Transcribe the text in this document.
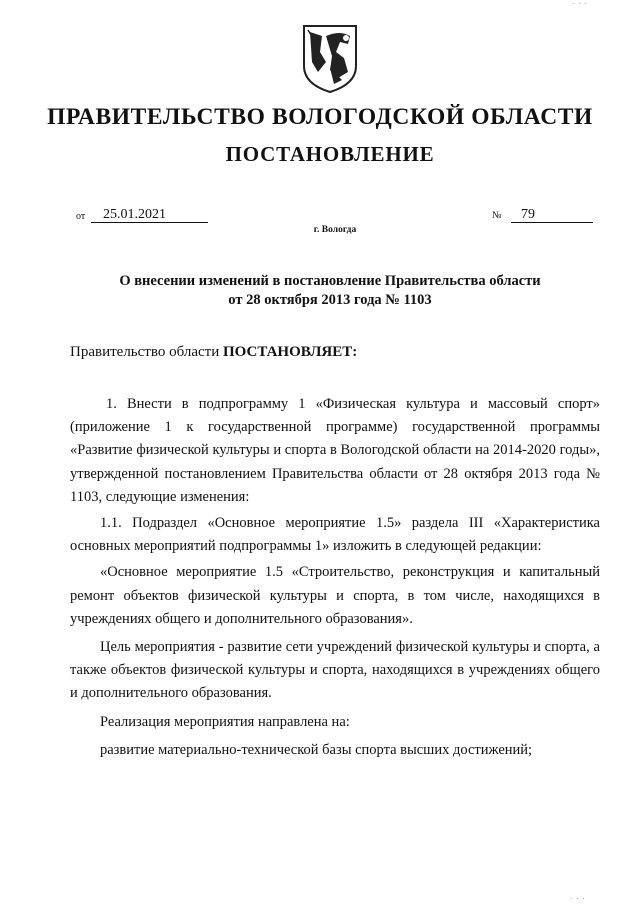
· · ·
ПРАВИТЕЛЬСТВО ВОЛОГОДСКОЙ ОБЛАСТИ
ПОСТАНОВЛЕНИЕ
от	25.01.2021	№	79
г. Вологда
О внесении изменений в постановление Правительства области
от 28 октября 2013 года № 1103
Правительство области ПОСТАНОВЛЯЕТ:

1. Внести в подпрограмму 1 «Физическая культура и массовый спорт» (приложение 1 к государственной программе) государственной программы «Развитие физической культуры и спорта в Вологодской области на 2014-2020 годы», утвержденной постановлением Правительства области от 28 октября 2013 года № 1103, следующие изменения:

1.1. Подраздел «Основное мероприятие 1.5» раздела III «Характеристика основных мероприятий подпрограммы 1» изложить в следующей редакции:

«Основное мероприятие 1.5 «Строительство, реконструкция и капитальный ремонт объектов физической культуры и спорта, в том числе, находящихся в учреждениях общего и дополнительного образования».

Цель мероприятия - развитие сети учреждений физической культуры и спорта, а также объектов физической культуры и спорта, находящихся в учреждениях общего и дополнительного образования.

Реализация мероприятия направлена на:

развитие материально-технической базы спорта высших достижений;

· · ·
